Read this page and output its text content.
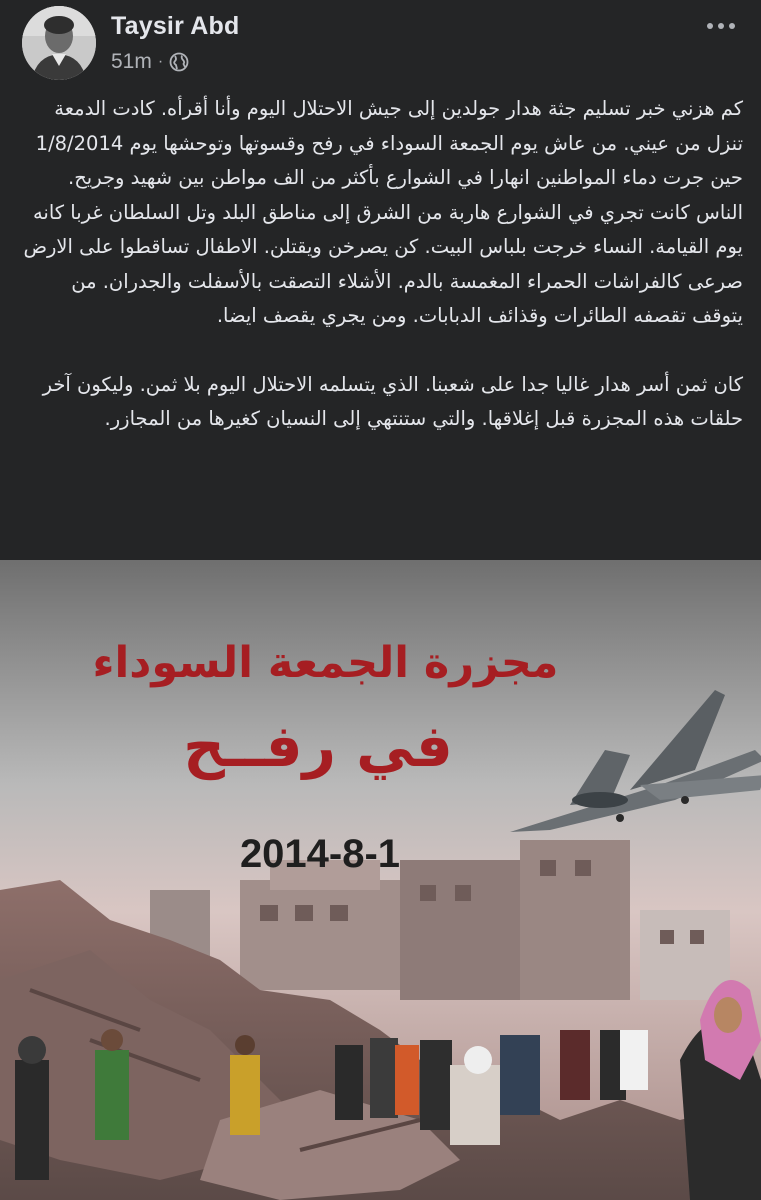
Taysir Abd
51m ·

كم هزني خبر تسليم جثة هدار جولدين إلى جيش الاحتلال اليوم وأنا أقرأه. كادت الدمعة تنزل من عيني. من عاش يوم الجمعة السوداء في رفح وقسوتها وتوحشها يوم 1/8/2014 حين جرت دماء المواطنين انهارا في الشوارع بأكثر من الف مواطن بين شهيد وجريح. الناس كانت تجري في الشوارع هاربة من الشرق إلى مناطق البلد وتل السلطان غربا كانه يوم القيامة. النساء خرجت بلباس البيت. كن يصرخن ويقتلن. الاطفال تساقطوا على الارض صرعى كالفراشات الحمراء المغمسة بالدم. الأشلاء التصقت بالأسفلت والجدران. من يتوقف تقصفه الطائرات وقذائف الدبابات. ومن يجري يقصف ايضا.

كان ثمن أسر هدار غاليا جدا على شعبنا. الذي يتسلمه الاحتلال اليوم بلا ثمن. وليكون آخر حلقات هذه المجزرة قبل إغلاقها. والتي ستنتهي إلى النسيان كغيرها من المجازر.

مجزرة الجمعة السوداء
في رفــح
2014-8-1
